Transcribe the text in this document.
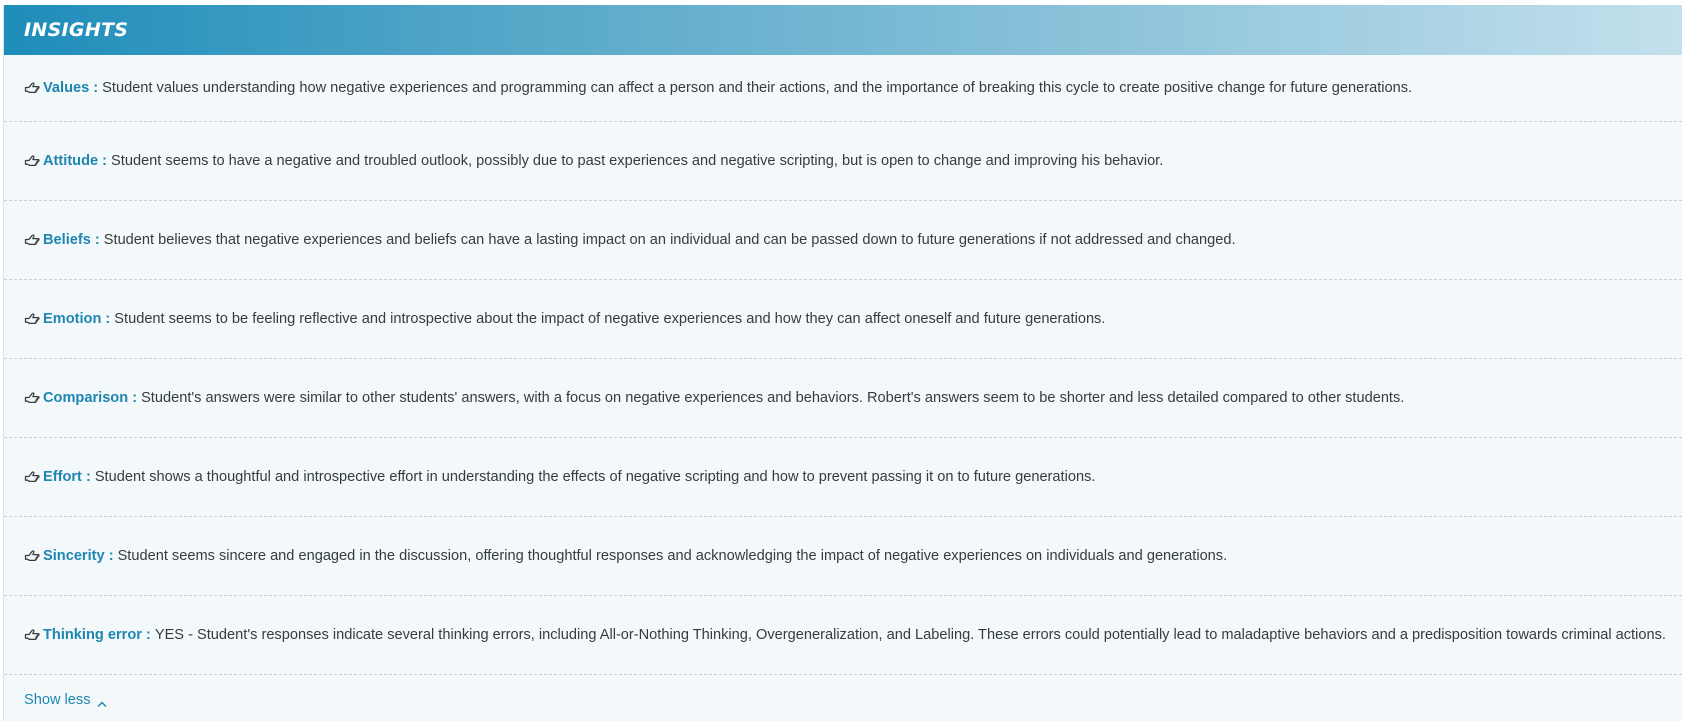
INSIGHTS
Values : Student values understanding how negative experiences and programming can affect a person and their actions, and the importance of breaking this cycle to create positive change for future generations.
Attitude : Student seems to have a negative and troubled outlook, possibly due to past experiences and negative scripting, but is open to change and improving his behavior.
Beliefs : Student believes that negative experiences and beliefs can have a lasting impact on an individual and can be passed down to future generations if not addressed and changed.
Emotion : Student seems to be feeling reflective and introspective about the impact of negative experiences and how they can affect oneself and future generations.
Comparison : Student's answers were similar to other students' answers, with a focus on negative experiences and behaviors. Robert's answers seem to be shorter and less detailed compared to other students.
Effort : Student shows a thoughtful and introspective effort in understanding the effects of negative scripting and how to prevent passing it on to future generations.
Sincerity : Student seems sincere and engaged in the discussion, offering thoughtful responses and acknowledging the impact of negative experiences on individuals and generations.
Thinking error : YES - Student's responses indicate several thinking errors, including All-or-Nothing Thinking, Overgeneralization, and Labeling. These errors could potentially lead to maladaptive behaviors and a predisposition towards criminal actions.
Show less
